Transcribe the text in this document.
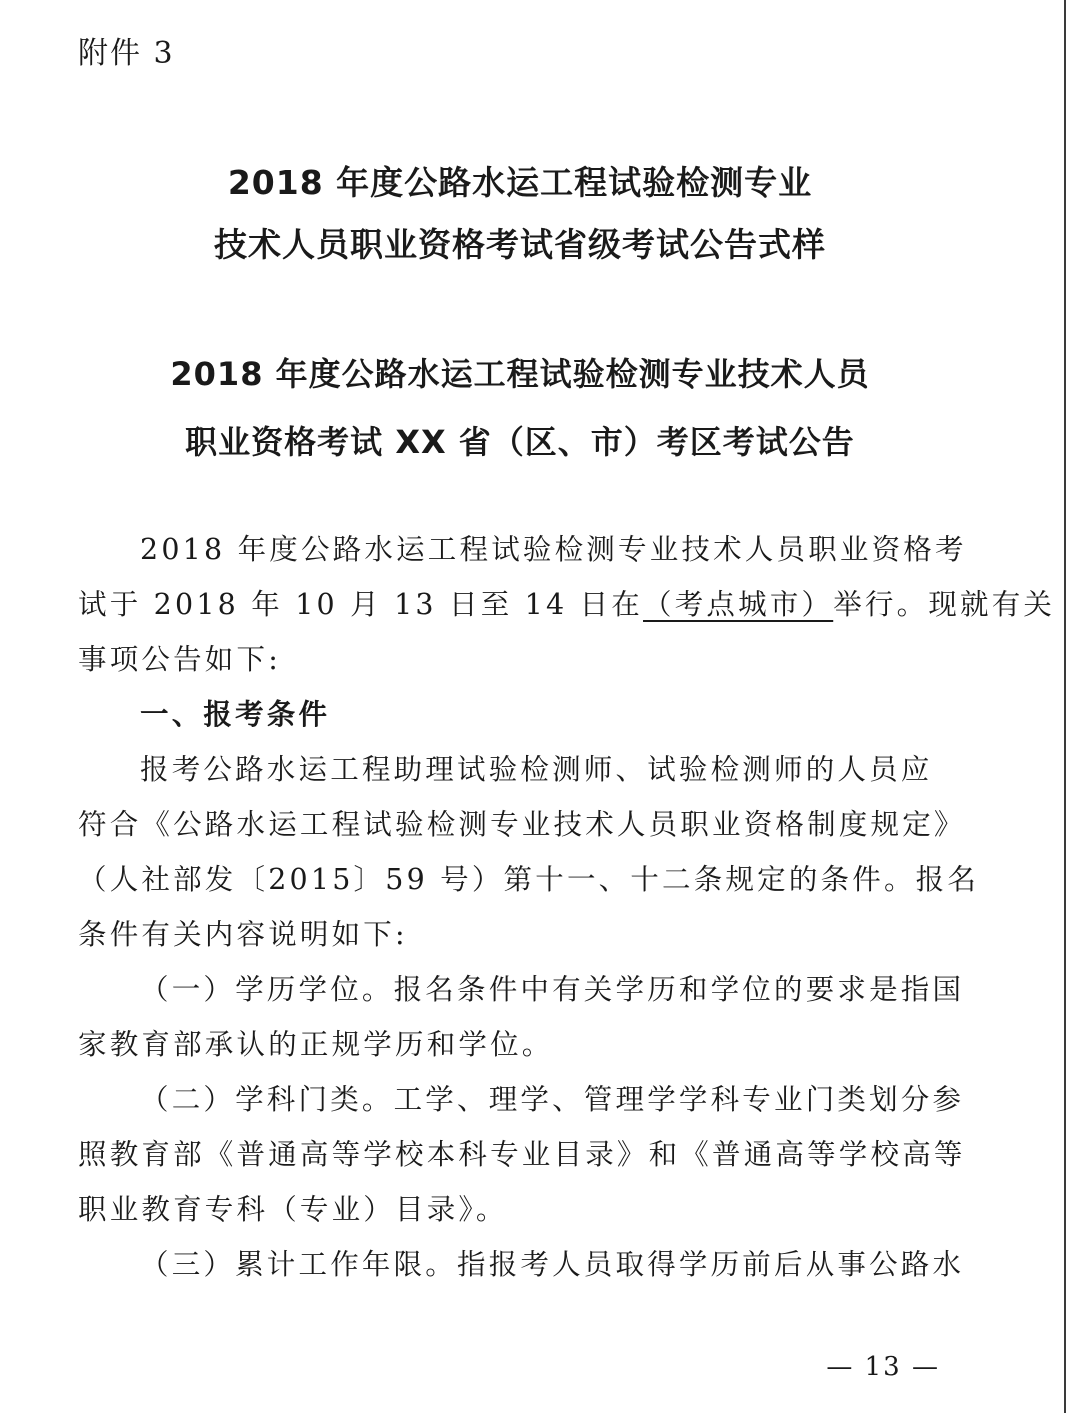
附件 3
2018 年度公路水运工程试验检测专业
技术人员职业资格考试省级考试公告式样
2018 年度公路水运工程试验检测专业技术人员
职业资格考试 XX 省（区、市）考区考试公告
2018 年度公路水运工程试验检测专业技术人员职业资格考
试于 2018 年 10 月 13 日至 14 日在（考点城市）举行。现就有关
事项公告如下:
一、报考条件
报考公路水运工程助理试验检测师、试验检测师的人员应
符合《公路水运工程试验检测专业技术人员职业资格制度规定》
（人社部发〔2015〕59 号）第十一、十二条规定的条件。报名
条件有关内容说明如下:
（一）学历学位。报名条件中有关学历和学位的要求是指国
家教育部承认的正规学历和学位。
（二）学科门类。工学、理学、管理学学科专业门类划分参
照教育部《普通高等学校本科专业目录》和《普通高等学校高等
职业教育专科（专业）目录》。
（三）累计工作年限。指报考人员取得学历前后从事公路水
— 13 —
